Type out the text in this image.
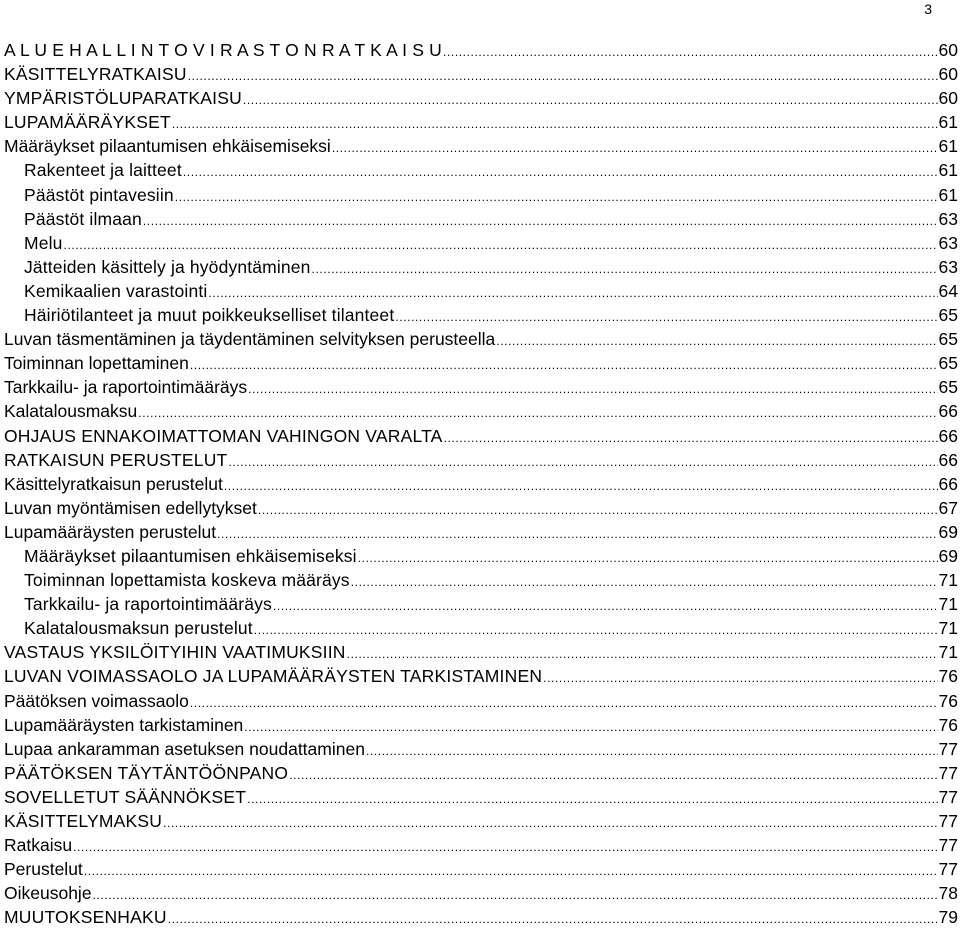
3
A L U E H A L L I N T O V I R A S T O N R A T K A I S U .....	60
KÄSITTELYRATKAISU .....	60
YMPÄRISTÖLUPARATKAISU .....	60
LUPAMÄÄRÄYKSET .....	61
Määräykset pilaantumisen ehkäisemiseksi .....	61
Rakenteet ja laitteet .....	61
Päästöt pintavesiin .....	61
Päästöt ilmaan .....	63
Melu .....	63
Jätteiden käsittely ja hyödyntäminen .....	63
Kemikaalien varastointi .....	64
Häiriötilanteet ja muut poikkeukselliset tilanteet .....	65
Luvan täsmentäminen ja täydentäminen selvityksen perusteella .....	65
Toiminnan lopettaminen .....	65
Tarkkailu- ja raportointimääräys .....	65
Kalatalousmaksu .....	66
OHJAUS ENNAKOIMATTOMAN VAHINGON VARALTA .....	66
RATKAISUN PERUSTELUT .....	66
Käsittelyratkaisun perustelut .....	66
Luvan myöntämisen edellytykset .....	67
Lupamääräysten perustelut .....	69
Määräykset pilaantumisen ehkäisemiseksi .....	69
Toiminnan lopettamista koskeva määräys .....	71
Tarkkailu- ja raportointimääräys .....	71
Kalatalousmaksun perustelut .....	71
VASTAUS YKSILÖITYIHIN VAATIMUKSIIN .....	71
LUVAN VOIMASSAOLO JA LUPAMÄÄRÄYSTEN TARKISTAMINEN .....	76
Päätöksen voimassaolo .....	76
Lupamääräysten tarkistaminen .....	76
Lupaa ankaramman asetuksen noudattaminen .....	77
PÄÄTÖKSEN TÄYTÄNTÖÖNPANO .....	77
SOVELLETUT SÄÄNNÖKSET .....	77
KÄSITTELYMAKSU .....	77
Ratkaisu .....	77
Perustelut .....	77
Oikeusohje .....	78
MUUTOKSENHAKU .....	79
